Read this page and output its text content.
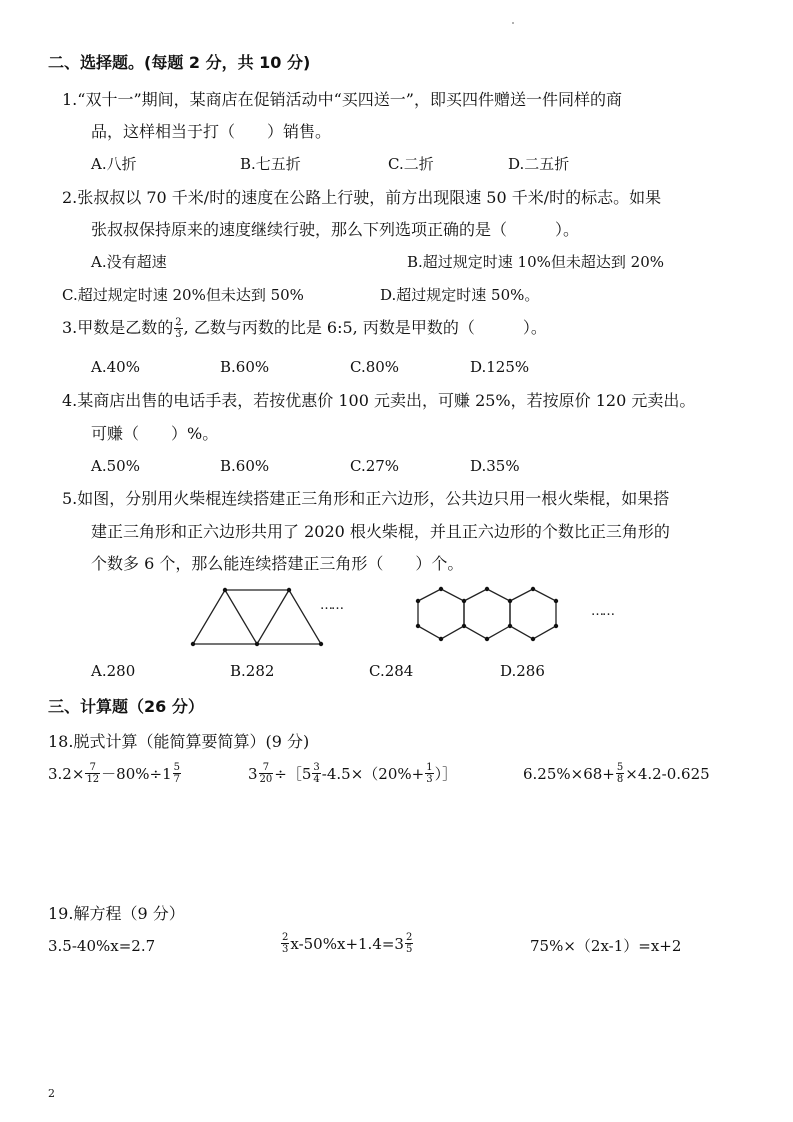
二、选择题。(每题 2 分，共 10 分)
1.“双十一”期间，某商店在促销活动中“买四送一”，即买四件赠送一件同样的商
品，这样相当于打（　　）销售。
A.八折	B.七五折	C.二折	D.二五折
2.张叔叔以 70 千米/时的速度在公路上行驶，前方出现限速 50 千米/时的标志。如果
张叔叔保持原来的速度继续行驶，那么下列选项正确的是（　　　）。
A.没有超速	B.超过规定时速 10%但未超达到 20%
C.超过规定时速 20%但未达到 50%	D.超过规定时速 50%。
3.甲数是乙数的 $\frac{2}{3}$ , 乙数与丙数的比是 6:5, 丙数是甲数的（　　　）。
A.40%	B.60%	C.80%	D.125%
4.某商店出售的电话手表，若按优惠价 100 元卖出，可赚 25%，若按原价 120 元卖出。
可赚（　　）%。
A.50%	B.60%	C.27%	D.35%
5.如图，分别用火柴棍连续搭建正三角形和正六边形，公共边只用一根火柴棍，如果搭
建正三角形和正六边形共用了 2020 根火柴棍，并且正六边形的个数比正三角形的
个数多 6 个，那么能连续搭建正三角形（　　）个。
……	……
A.280	B.282	C.284	D.286
三、计算题（26 分）
18.脱式计算（能简算要简算）(9 分)
$3.2\times \frac{7}{12} -80\%\div 1 \frac{5}{7}$	$3 \frac{7}{20}$ ÷［5 $\frac{3}{4} -4.5\times(20\%+ \frac{1}{3}$ ）］	$6.25\%\times 68+ \frac{5}{8} \times 4.2-0.625$
19.解方程（9 分）
3.5-40%x=2.7	$\frac{2}{3} x-50\%x+1.4=3 \frac{2}{5}$	75%×（2x-1）=x+2
2
